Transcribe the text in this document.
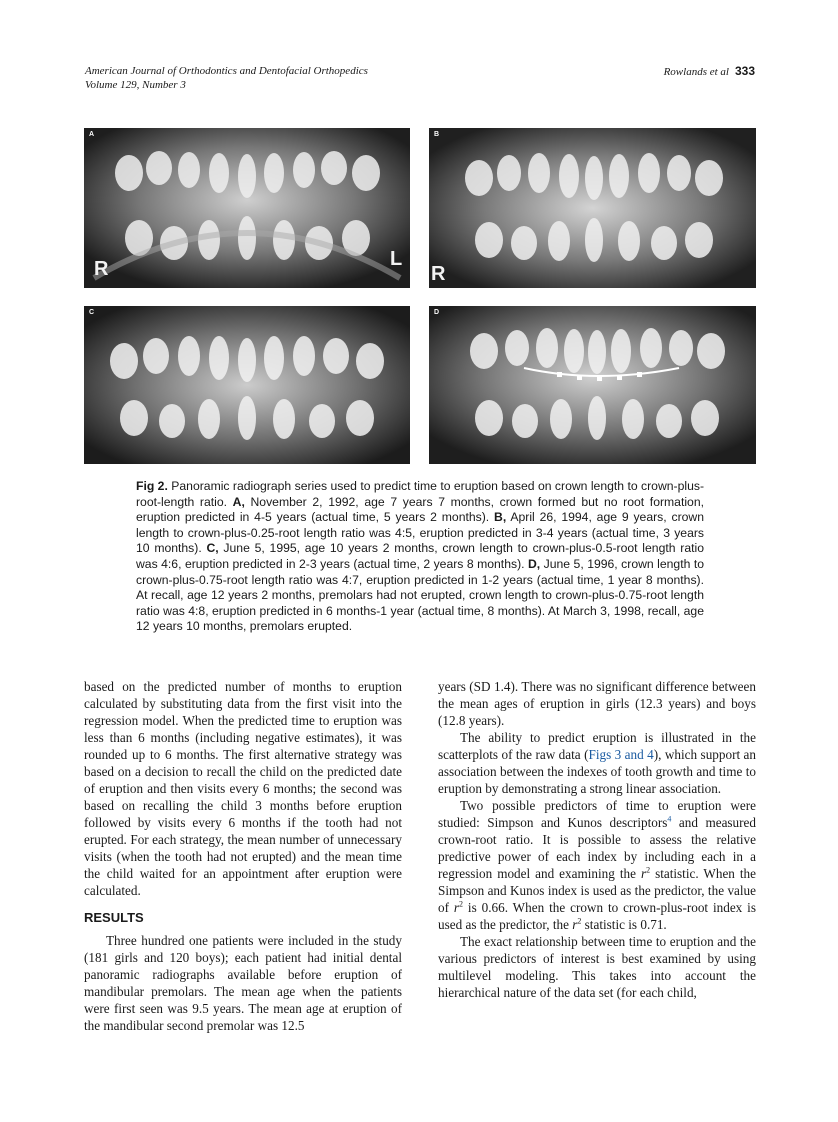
American Journal of Orthodontics and Dentofacial Orthopedics
Volume 129, Number 3
Rowlands et al 333
A
R	L
B
R
C	D
Fig 2. Panoramic radiograph series used to predict time to eruption based on crown length to crown-plus-root-length ratio. A, November 2, 1992, age 7 years 7 months, crown formed but no root formation, eruption predicted in 4-5 years (actual time, 5 years 2 months). B, April 26, 1994, age 9 years, crown length to crown-plus-0.25-root length ratio was 4:5, eruption predicted in 3-4 years (actual time, 3 years 10 months). C, June 5, 1995, age 10 years 2 months, crown length to crown-plus-0.5-root length ratio was 4:6, eruption predicted in 2-3 years (actual time, 2 years 8 months). D, June 5, 1996, crown length to crown-plus-0.75-root length ratio was 4:7, eruption predicted in 1-2 years (actual time, 1 year 8 months). At recall, age 12 years 2 months, premolars had not erupted, crown length to crown-plus-0.75-root length ratio was 4:8, eruption predicted in 6 months-1 year (actual time, 8 months). At March 3, 1998, recall, age 12 years 10 months, premolars erupted.

based on the predicted number of months to eruption calculated by substituting data from the first visit into the regression model. When the predicted time to eruption was less than 6 months (including negative estimates), it was rounded up to 6 months. The first alternative strategy was based on a decision to recall the child on the predicted date of eruption and then visits every 6 months; the second was based on recalling the child 3 months before eruption followed by visits every 6 months if the tooth had not erupted. For each strategy, the mean number of unnecessary visits (when the tooth had not erupted) and the mean time the child waited for an appointment after eruption were calculated.

RESULTS

Three hundred one patients were included in the study (181 girls and 120 boys); each patient had initial dental panoramic radiographs available before eruption of mandibular premolars. The mean age when the patients were first seen was 9.5 years. The mean age at eruption of the mandibular second premolar was 12.5

years (SD 1.4). There was no significant difference between the mean ages of eruption in girls (12.3 years) and boys (12.8 years).

The ability to predict eruption is illustrated in the scatterplots of the raw data (Figs 3 and 4), which support an association between the indexes of tooth growth and time to eruption by demonstrating a strong linear association.

Two possible predictors of time to eruption were studied: Simpson and Kunos descriptors$^4$ and measured crown-root ratio. It is possible to assess the relative predictive power of each index by including each in a regression model and examining the $r^2$ statistic. When the Simpson and Kunos index is used as the predictor, the value of $r^2$ is 0.66. When the crown to crown-plus-root index is used as the predictor, the $r^2$ statistic is 0.71.

The exact relationship between time to eruption and the various predictors of interest is best examined by using multilevel modeling. This takes into account the hierarchical nature of the data set (for each child,
